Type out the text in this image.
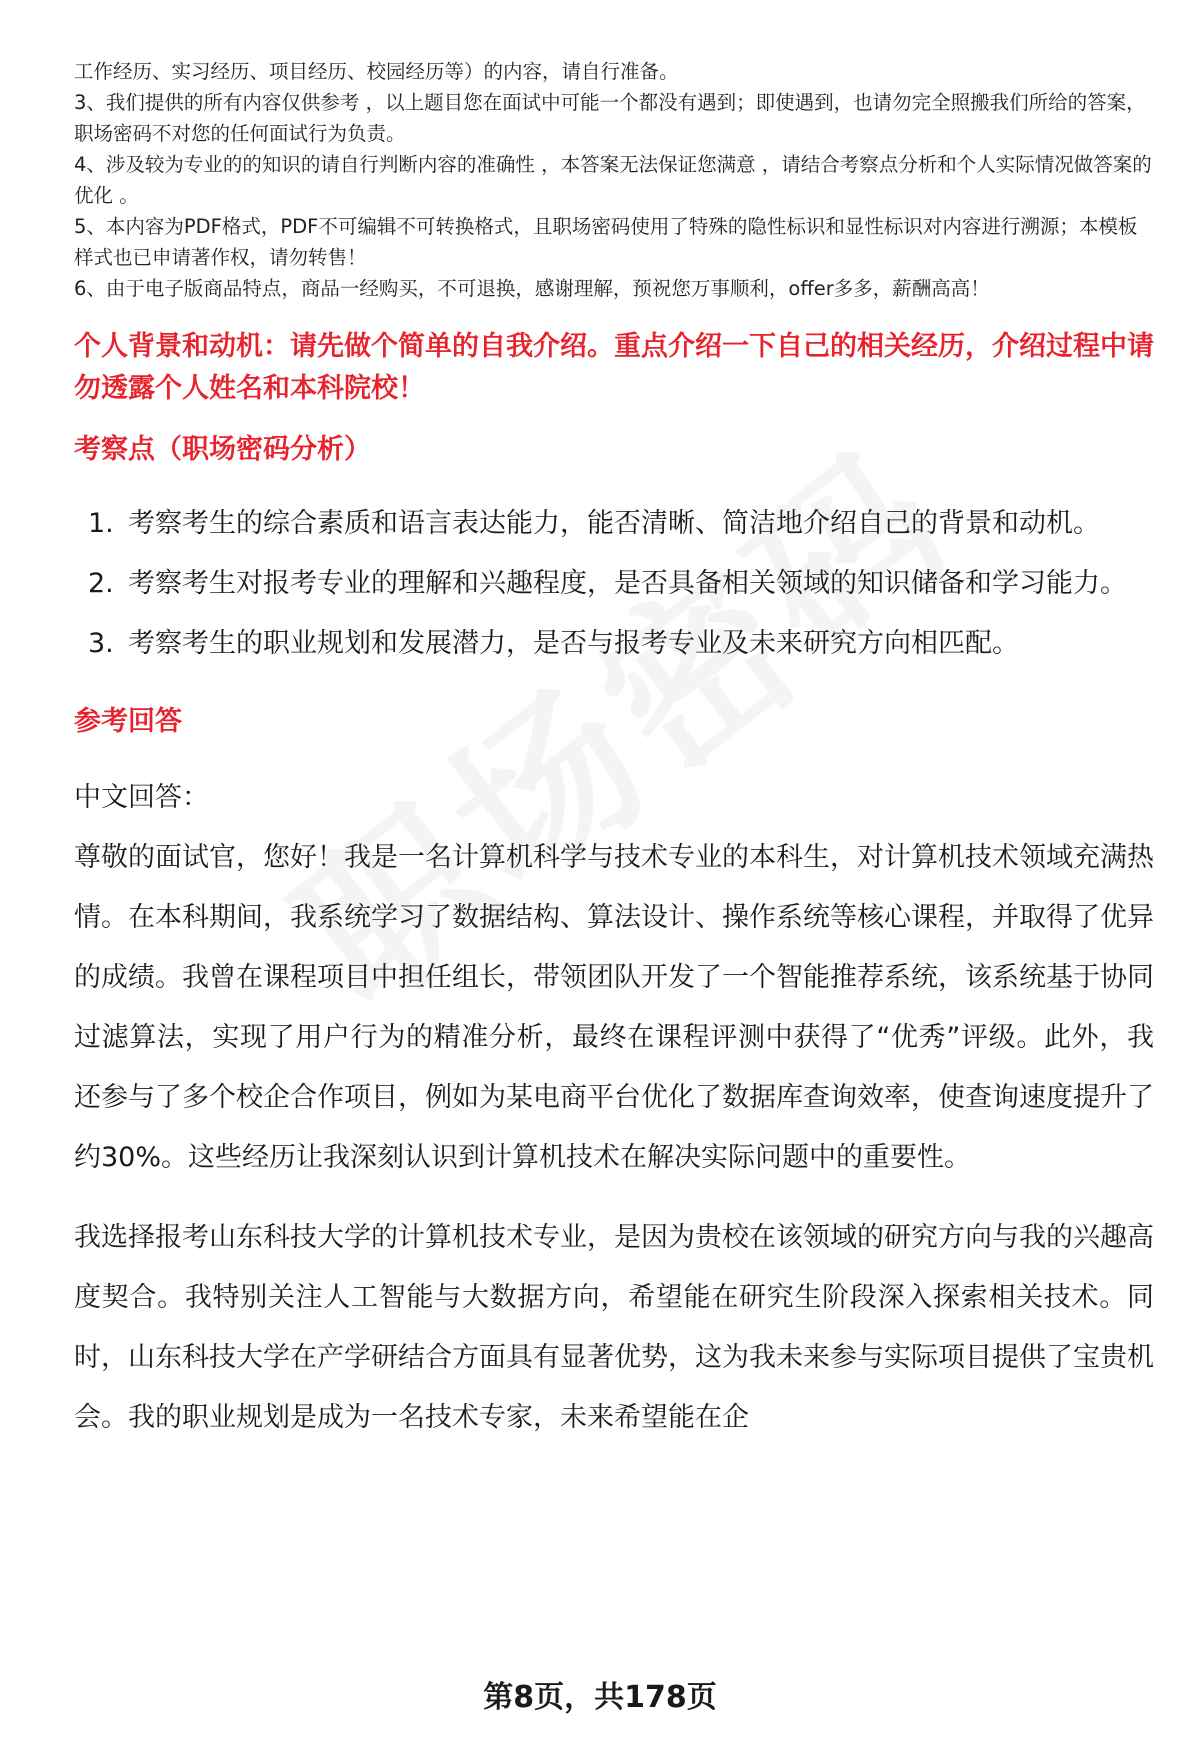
工作经历、实习经历、项目经历、校园经历等）的内容，请自行准备。

3、我们提供的所有内容仅供参考 ，以上题目您在面试中可能一个都没有遇到；即使遇到，也请勿完全照搬我们所给的答案，职场密码不对您的任何面试行为负责。

4、涉及较为专业的的知识的请自行判断内容的准确性 ，本答案无法保证您满意 ，请结合考察点分析和个人实际情况做答案的优化 。

5、本内容为PDF格式，PDF不可编辑不可转换格式，且职场密码使用了特殊的隐性标识和显性标识对内容进行溯源；本模板样式也已申请著作权，请勿转售！

6、由于电子版商品特点，商品一经购买，不可退换，感谢理解，预祝您万事顺利，offer多多，薪酬高高！

个人背景和动机：请先做个简单的自我介绍。重点介绍一下自己的相关经历，介绍过程中请勿透露个人姓名和本科院校！

考察点（职场密码分析）

1. 考察考生的综合素质和语言表达能力，能否清晰、简洁地介绍自己的背景和动机。
2. 考察考生对报考专业的理解和兴趣程度，是否具备相关领域的知识储备和学习能力。
3. 考察考生的职业规划和发展潜力，是否与报考专业及未来研究方向相匹配。

参考回答

中文回答：

尊敬的面试官，您好！我是一名计算机科学与技术专业的本科生，对计算机技术领域充满热情。在本科期间，我系统学习了数据结构、算法设计、操作系统等核心课程，并取得了优异的成绩。我曾在课程项目中担任组长，带领团队开发了一个智能推荐系统，该系统基于协同过滤算法，实现了用户行为的精准分析，最终在课程评测中获得了“优秀”评级。此外，我还参与了多个校企合作项目，例如为某电商平台优化了数据库查询效率，使查询速度提升了约30%。这些经历让我深刻认识到计算机技术在解决实际问题中的重要性。

我选择报考山东科技大学的计算机技术专业，是因为贵校在该领域的研究方向与我的兴趣高度契合。我特别关注人工智能与大数据方向，希望能在研究生阶段深入探索相关技术。同时，山东科技大学在产学研结合方面具有显著优势，这为我未来参与实际项目提供了宝贵机会。我的职业规划是成为一名技术专家，未来希望能在企

第8页，共178页
